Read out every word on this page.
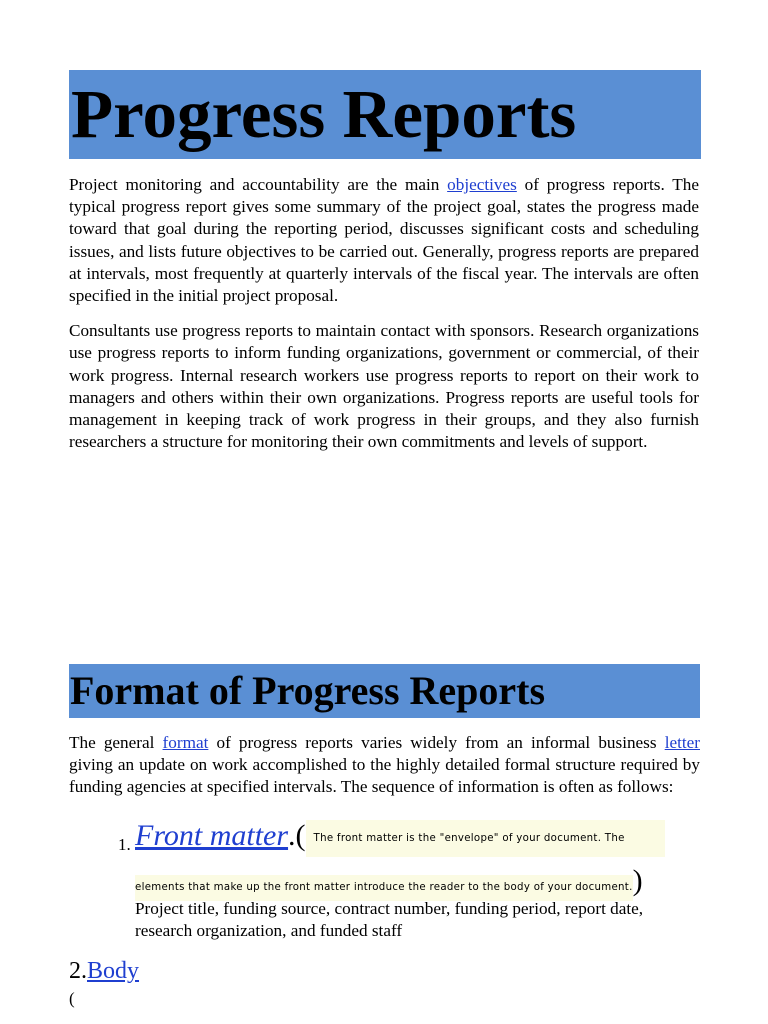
Progress Reports

Project monitoring and accountability are the main objectives of progress reports. The typical progress report gives some summary of the project goal, states the progress made toward that goal during the reporting period, discusses significant costs and scheduling issues, and lists future objectives to be carried out. Generally, progress reports are prepared at intervals, most frequently at quarterly intervals of the fiscal year. The intervals are often specified in the initial project proposal.

Consultants use progress reports to maintain contact with sponsors. Research organizations use progress reports to inform funding organizations, government or commercial, of their work progress. Internal research workers use progress reports to report on their work to managers and others within their own organizations. Progress reports are useful tools for management in keeping track of work progress in their groups, and they also furnish researchers a structure for monitoring their own commitments and levels of support.

Format of Progress Reports

The general format of progress reports varies widely from an informal business letter giving an update on work accomplished to the highly detailed formal structure required by funding agencies at specified intervals. The sequence of information is often as follows:

1. Front matter.( The front matter is the "envelope" of your document. The
elements that make up the front matter introduce the reader to the body of your document.)

Project title, funding source, contract number, funding period, report date, research organization, and funded staff

2.Body
(
